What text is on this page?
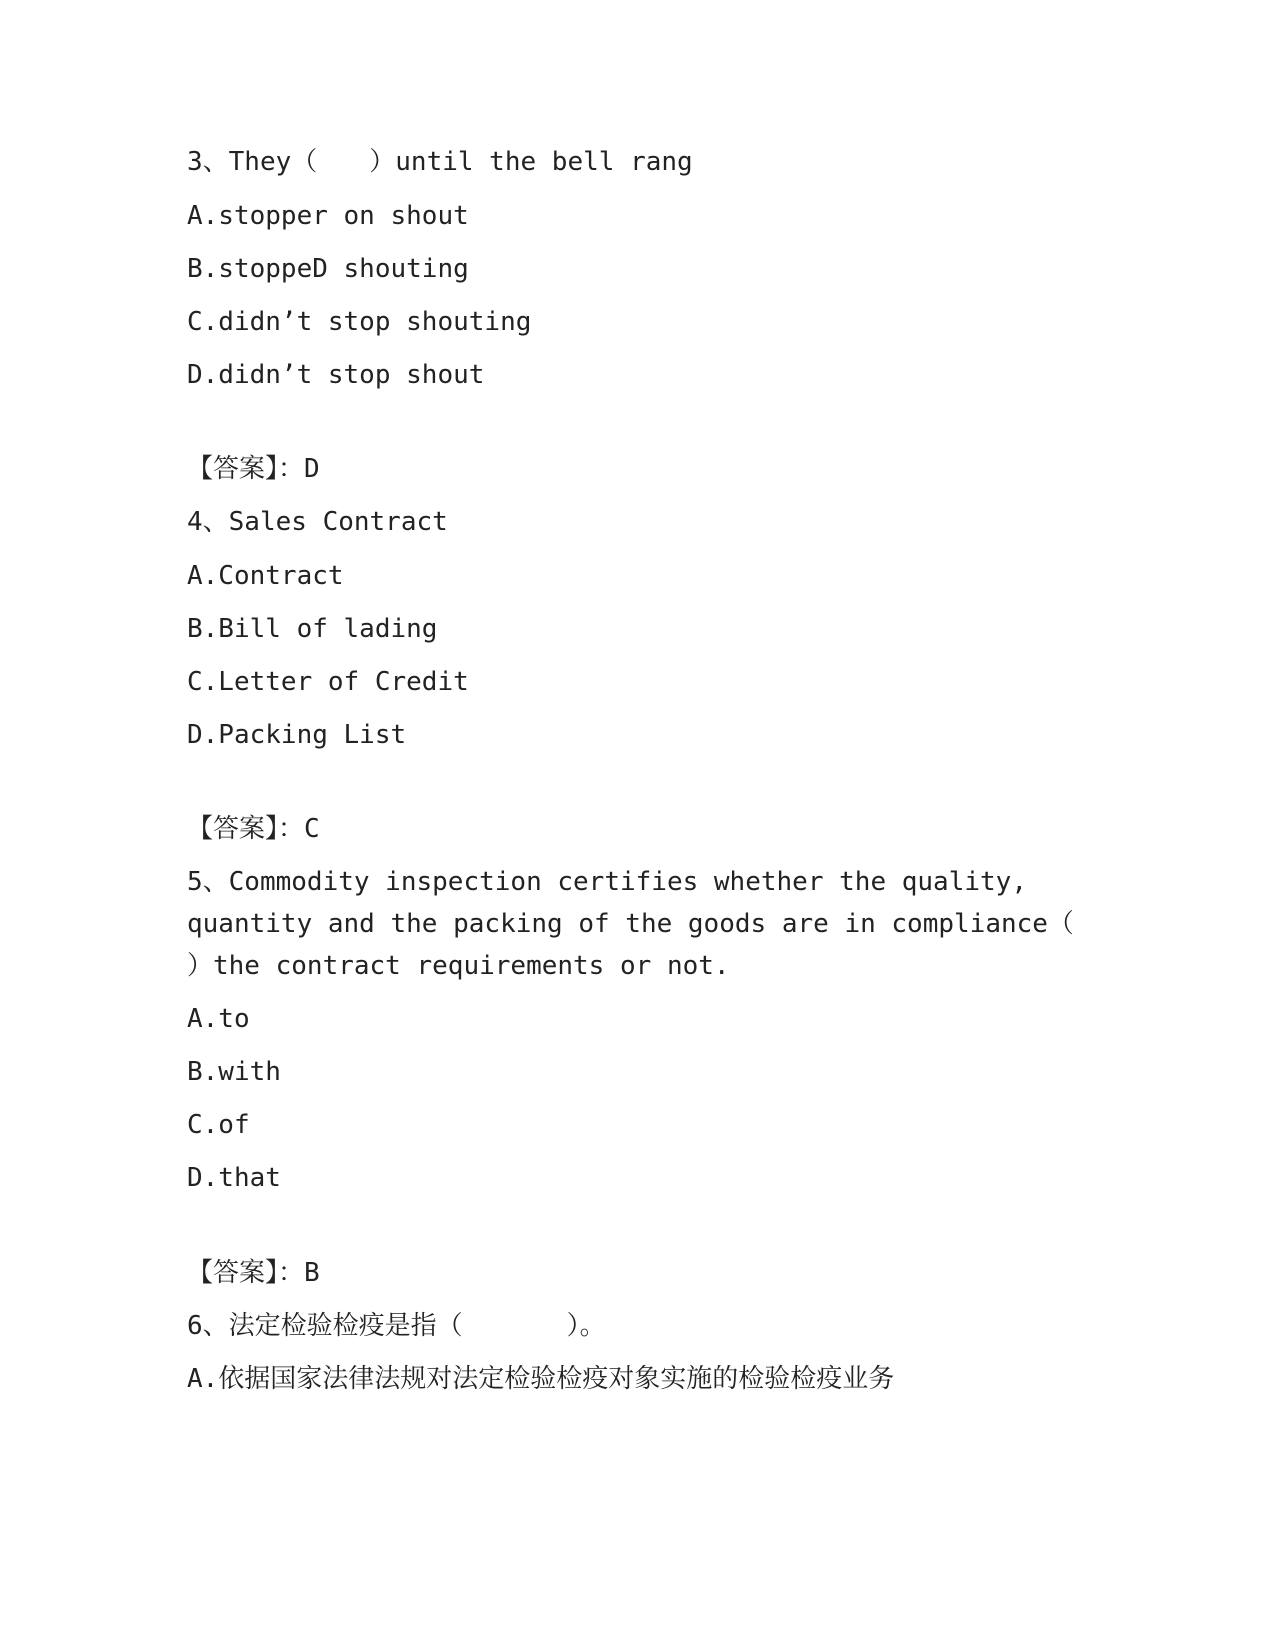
3、They（　　）until the bell rang
A.stopper on shout
B.stoppeD shouting
C.didn’t stop shouting
D.didn’t stop shout
【答案】：D
4、Sales Contract
A.Contract
B.Bill of lading
C.Letter of Credit
D.Packing List
【答案】：C
5、Commodity inspection certifies whether the quality,
quantity and the packing of the goods are in compliance（
）the contract requirements or not.
A.to
B.with
C.of
D.that
【答案】：B
6、法定检验检疫是指（　　　　）。
A.依据国家法律法规对法定检验检疫对象实施的检验检疫业务
